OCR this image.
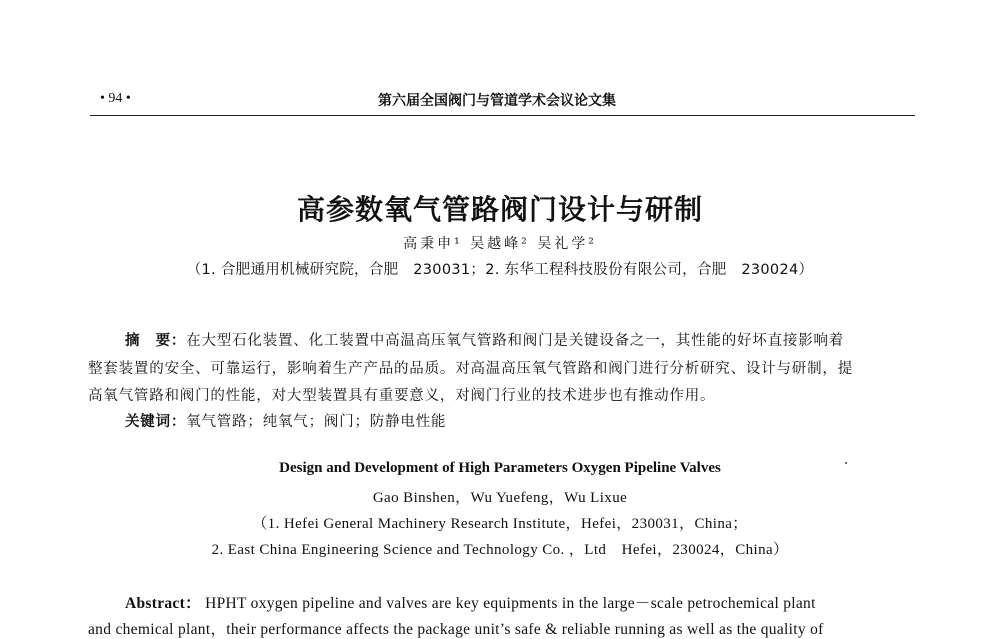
• 94 •	第六届全国阀门与管道学术会议论文集
高参数氧气管路阀门设计与研制
高秉申¹ 吴越峰² 吴礼学²
（1. 合肥通用机械研究院，合肥　230031；2. 东华工程科技股份有限公司，合肥　230024）
摘　要：在大型石化装置、化工装置中高温高压氧气管路和阀门是关键设备之一，其性能的好坏直接影响着
整套装置的安全、可靠运行，影响着生产产品的品质。对高温高压氧气管路和阀门进行分析研究、设计与研制，提
高氧气管路和阀门的性能，对大型装置具有重要意义，对阀门行业的技术进步也有推动作用。
关键词：氧气管路；纯氧气；阀门；防静电性能
Design and Development of High Parameters Oxygen Pipeline Valves
Gao Binshen，Wu Yuefeng，Wu Lixue
（1. Hefei General Machinery Research Institute，Hefei，230031，China；
2. East China Engineering Science and Technology Co. ，Ltd　Hefei，230024，China）
Abstract： HPHT oxygen pipeline and valves are key equipments in the large－scale petrochemical plant
and chemical plant，their performance affects the package unit’s safe & reliable running as well as the quality of
